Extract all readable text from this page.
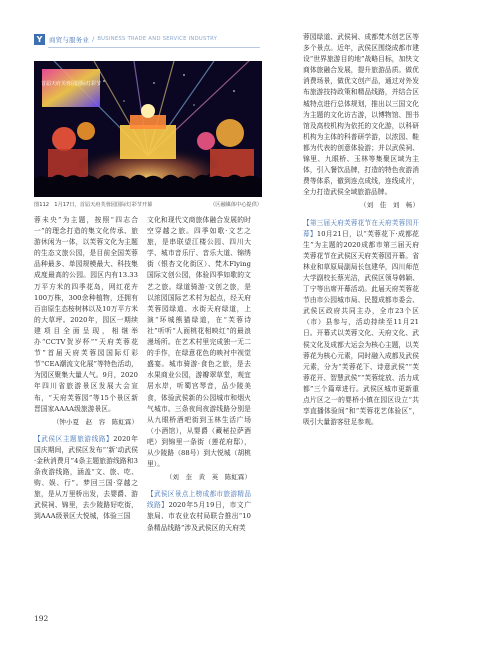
Y	商贸与服务业 / BUSINESS TRADE AND SERVICE INDUSTRY
首届天府芙蓉园国际灯彩节
图112　1月17日，首届天府芙蓉园国际灯彩节开幕	（区融媒体中心提供）

蓉未央”为主题，按照“四志合一”的理念打造的集文化传承、旅游休闲为一体，以芙蓉文化为主题的生态文旅公园，是目前全国芙蓉品种最多、单园规模最大、科技集成度最高的公园。园区内有13.33万平方米的四季花岛，网红花卉100万株，300余种植物，还拥有百亩原生态桉树林以及10万平方米的大草坪。2020年，园区一期续建项目全面呈现，相继举办“CCTV贺岁杯”“天府芙蓉花节”首届天府芙蓉园国际灯彩节“CEA潮流文化展”等特色活动，为园区聚集大量人气。9月，2020年四川省旅游景区发展大会宣布，“天府芙蓉园”等15个景区新晋国家AAAA级旅游景区。

（钟小夏　赵　容　陈虹霖）

【武侯区主题旅游线路】2020年国庆期间，武侯区发布“‘新’动武侯·金秋消费月”4条主题旅游线路和3条夜游线路，涵盖“文、旅、吃、购、娱、行”。梦回三国·穿越之旅，是从万里桥出发，去婴爵、游武侯祠、锦里，去少陵路好吃街，到AAA级景区大悦城，体验三国

文化和现代文商旅体融合发展的时空穿越之旅。四季如歌·文艺之旅，是串联望江楼公园、四川大学、城市音乐厅、音乐大道、锦绣街（银杏文化街区）、梵木Flying国际文创公园，体验四季如歌的文艺之旅。绿道骑游·文创之旅，是以浓园国际艺术村为起点，经天府芙蓉园绿道、水街天府绿道，上演“环城熊猫绿道，在“芙蓉诗社”听听“人面桃花相映红”的最浪漫场所。在艺术村里完成独一无二的手作，在绿意花色的映衬中视觉盛宴。城市骑游·食色之旅，是去水果商业公园，游瓣翠草堂，观宜居水岸，听蜀宫琴音，品少陵美食，体验武侯新的公园城市和烟火气城市。三条夜间夜游线路分别是从九眼桥酒吧街到玉林生活广场（小酒馆），从婴爵（藏秘拉萨酒吧）到锦里一条街（莲花府邸），从少陵路（88号）到大悦城（胡桃里）。

（刘　奎　黄　英　陈虹霖）

【武侯区景点上榜成都市旅游精品线路】2020年5月19日，市文广旅局、市农业农村局联合推出“10条精品线路”涉及武侯区的天府芙

蓉园绿道、武侯祠、成都梵木创艺区等多个景点。近年，武侯区围绕成都市建设“世界旅游目的地”战略目标，加快文商体旅融合发展，提升旅游品质。做优消费场景，做优文创产品，通过对外发布旅游技持政策和精品线路，并结合区城特点进行总体规划，推出以三国文化为主题的文化访古游，以博物馆、图书馆及高校机构为依托的文化游，以科研机构为主体的科普研学游，以浓园、鞋都为代表的创意体验游；并以武侯祠、锦里、九眼桥、玉林等集聚区域为主体，引入餐饮品牌，打造的特色夜游消费等体系，徹到连点成线，连线成片，全力打造武侯全域旅游品牌。

（刘　佳　刘　畅）

【第三届天府芙蓉花节在天府芙蓉园开幕】10月21日，以“芙蓉花下·成都花生”为主题的2020成都市第三届天府芙蓉花节在武侯区天府芙蓉园开幕。省林业和草原局副局长包建华，四川师范大学副校长蔡光洁，武侯区领导韩颖、丁宁等出席开幕活动。此届天府芙蓉花节由市公园城市局、民盟成都市委会、武侯区政府共同主办，全市23个区（市）县参与，活动持续至11月21日。开幕式以芙蓉文化、天府文化、武侯文化及成都大运会为核心主题，以芙蓉花为核心元素，同时融入成都及武侯元素，分为“芙蓉花下、诗意武侯”“芙蓉花开、智慧武侯”“芙蓉绽放、活力成都”三个篇章进行。武侯区城市更新重点片区之一的婴桥小镇在园区设立“共享直播体验间”和“芙蓉花艺体验区”，吸引大量游客驻足参观。

192
